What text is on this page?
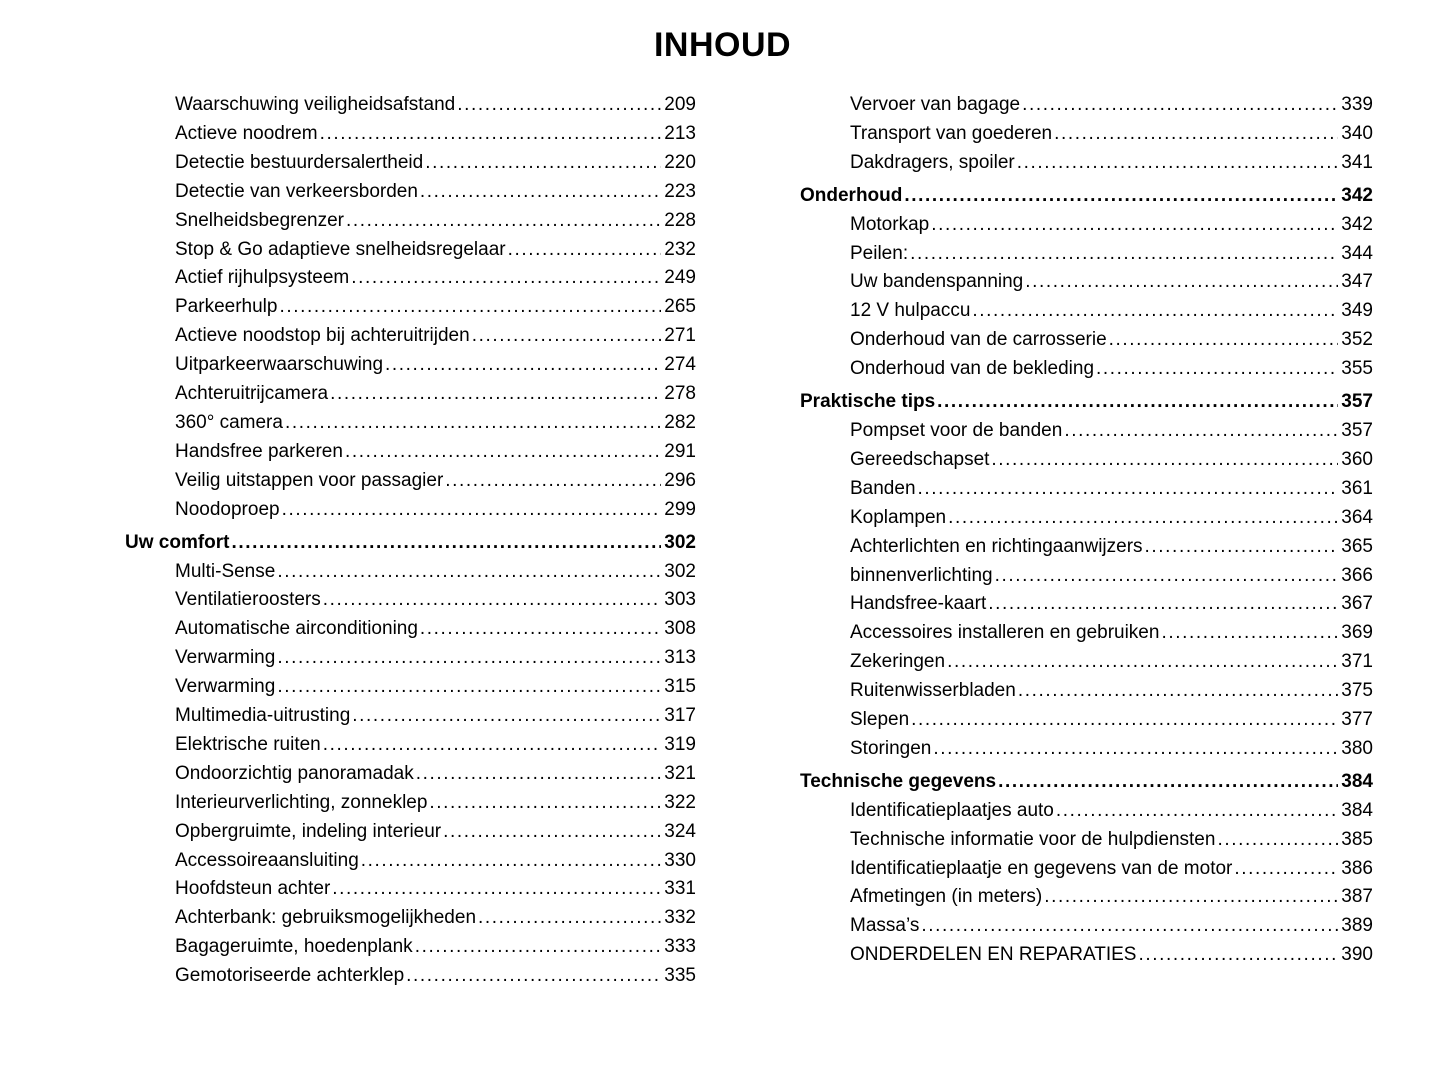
INHOUD
Waarschuwing veiligheidsafstand .....	209
Actieve noodrem .....	213
Detectie bestuurdersalertheid .....	220
Detectie van verkeersborden .....	223
Snelheidsbegrenzer .....	228
Stop & Go adaptieve snelheidsregelaar .....	232
Actief rijhulpsysteem .....	249
Parkeerhulp .....	265
Actieve noodstop bij achteruitrijden .....	271
Uitparkeerwaarschuwing .....	274
Achteruitrijcamera .....	278
360° camera .....	282
Handsfree parkeren .....	291
Veilig uitstappen voor passagier .....	296
Noodoproep .....	299
Uw comfort .....	302
Multi-Sense .....	302
Ventilatieroosters .....	303
Automatische airconditioning .....	308
Verwarming .....	313
Verwarming .....	315
Multimedia-uitrusting .....	317
Elektrische ruiten .....	319
Ondoorzichtig panoramadak .....	321
Interieurverlichting, zonneklep .....	322
Opbergruimte, indeling interieur .....	324
Accessoireaansluiting .....	330
Hoofdsteun achter .....	331
Achterbank: gebruiksmogelijkheden .....	332
Bagageruimte, hoedenplank .....	333
Gemotoriseerde achterklep .....	335
Vervoer van bagage .....	339
Transport van goederen .....	340
Dakdragers, spoiler .....	341
Onderhoud .....	342
Motorkap .....	342
Peilen: .....	344
Uw bandenspanning .....	347
12 V hulpaccu .....	349
Onderhoud van de carrosserie .....	352
Onderhoud van de bekleding .....	355
Praktische tips .....	357
Pompset voor de banden .....	357
Gereedschapset .....	360
Banden .....	361
Koplampen .....	364
Achterlichten en richtingaanwijzers .....	365
binnenverlichting .....	366
Handsfree-kaart .....	367
Accessoires installeren en gebruiken .....	369
Zekeringen .....	371
Ruitenwisserbladen .....	375
Slepen .....	377
Storingen .....	380
Technische gegevens .....	384
Identificatieplaatjes auto .....	384
Technische informatie voor de hulpdiensten .....	385
Identificatieplaatje en gegevens van de motor .....	386
Afmetingen (in meters) .....	387
Massa’s .....	389
ONDERDELEN EN REPARATIES .....	390
